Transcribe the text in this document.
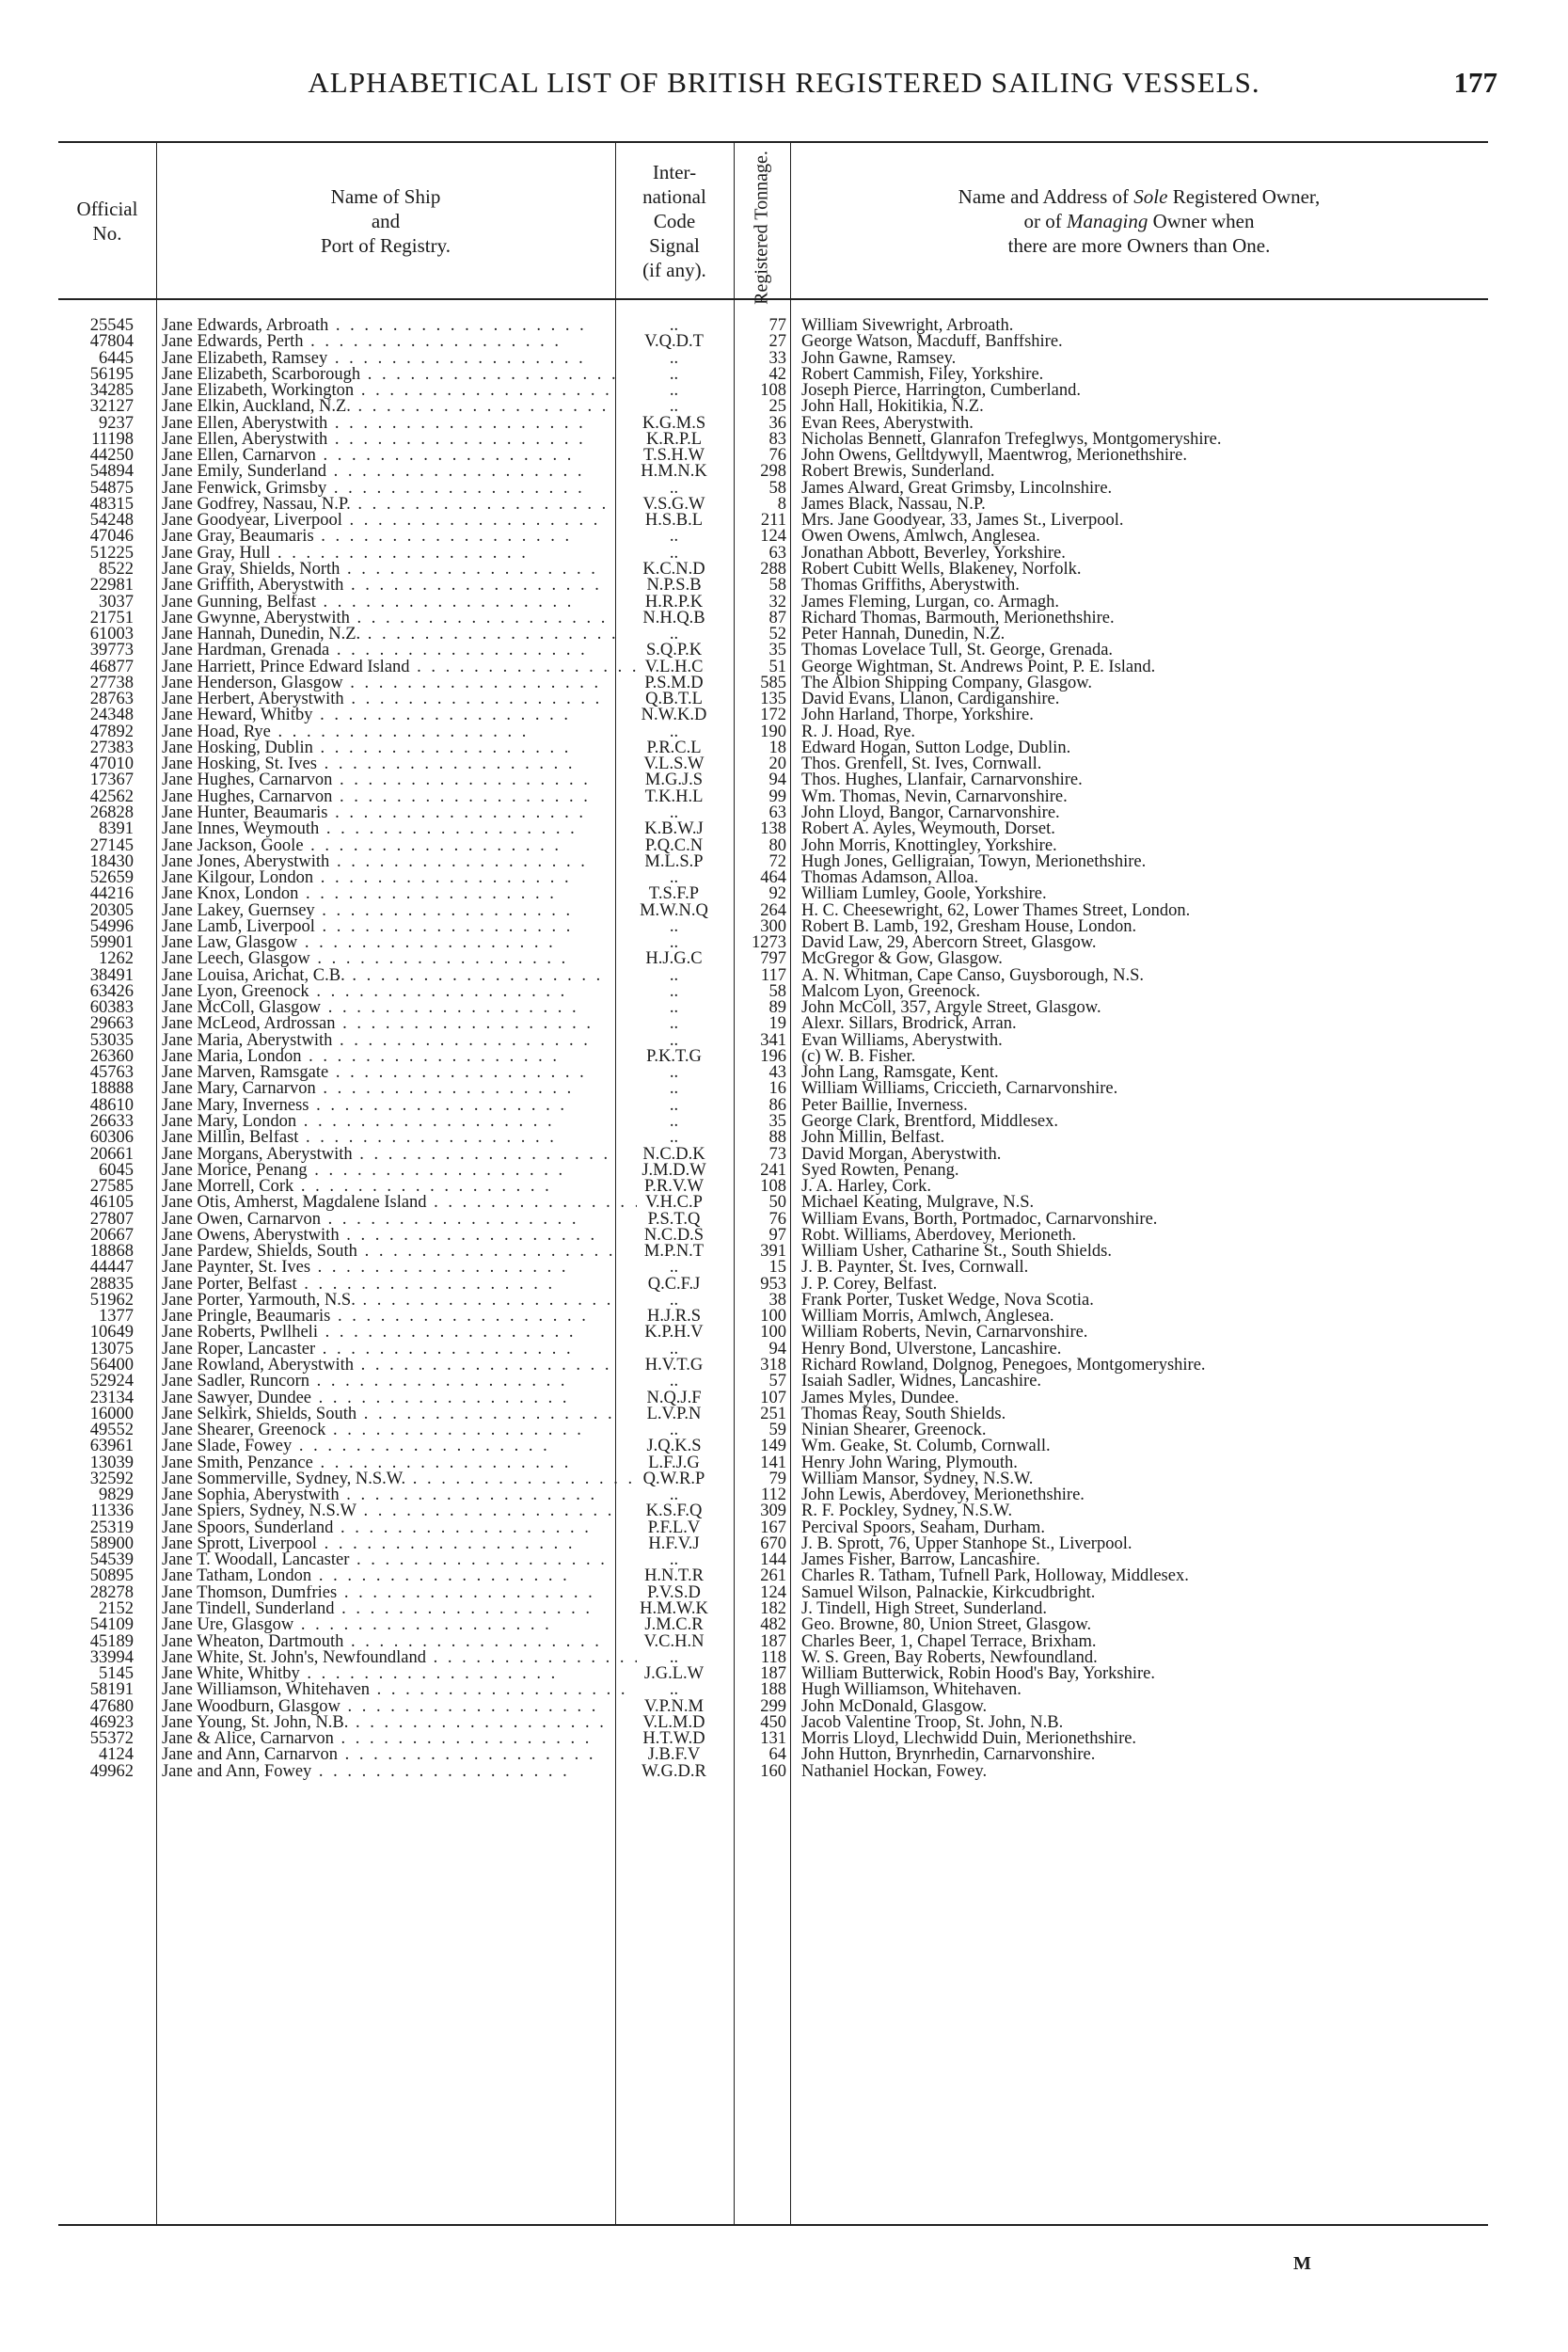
ALPHABETICAL LIST OF BRITISH REGISTERED SAILING VESSELS.	177
Official
No.
Name of Ship
and
Port of Registry.
Inter-
national
Code
Signal
(if any). Registered Tonnage.	Name and Address of Sole Registered Owner,
or of Managing Owner when
there are more Owners than One.
25545 Jane Edwards, Arbroath . .	..	77 William Sivewright, Arbroath.
47804 Jane Edwards, Perth . .	V.Q.D.T	27 George Watson, Macduff, Banffshire.
6445 Jane Elizabeth, Ramsey . .	..	33 John Gawne, Ramsey.
56195 Jane Elizabeth, Scarborough . .	..	42 Robert Cammish, Filey, Yorkshire.
34285 Jane Elizabeth, Workington . .	..	108 Joseph Pierce, Harrington, Cumberland.
32127 Jane Elkin, Auckland, N.Z. . .	..	25 John Hall, Hokitikia, N.Z.
9237 Jane Ellen, Aberystwith . .	K.G.M.S	36 Evan Rees, Aberystwith.
11198 Jane Ellen, Aberystwith . .	K.R.P.L	83 Nicholas Bennett, Glanrafon Trefeglwys, Montgomeryshire.
44250 Jane Ellen, Carnarvon . .	T.S.H.W	76 John Owens, Gelltdywyll, Maentwrog, Merionethshire.
54894 Jane Emily, Sunderland . .	H.M.N.K	298 Robert Brewis, Sunderland.
54875 Jane Fenwick, Grimsby . .	..	58 James Alward, Great Grimsby, Lincolnshire.
48315 Jane Godfrey, Nassau, N.P. . .	V.S.G.W	8 James Black, Nassau, N.P.
54248 Jane Goodyear, Liverpool . .	H.S.B.L	211 Mrs. Jane Goodyear, 33, James St., Liverpool.
47046 Jane Gray, Beaumaris . .	..	124 Owen Owens, Amlwch, Anglesea.
51225 Jane Gray, Hull . .	..	63 Jonathan Abbott, Beverley, Yorkshire.
8522 Jane Gray, Shields, North . .	K.C.N.D	288 Robert Cubitt Wells, Blakeney, Norfolk.
22981 Jane Griffith, Aberystwith . .	N.P.S.B	58 Thomas Griffiths, Aberystwith.
3037 Jane Gunning, Belfast . .	H.R.P.K	32 James Fleming, Lurgan, co. Armagh.
21751 Jane Gwynne, Aberystwith . .	N.H.Q.B	87 Richard Thomas, Barmouth, Merionethshire.
61003 Jane Hannah, Dunedin, N.Z. . .	..	52 Peter Hannah, Dunedin, N.Z.
39773 Jane Hardman, Grenada . .	S.Q.P.K	35 Thomas Lovelace Tull, St. George, Grenada.
46877 Jane Harriett, Prince Edward Island . .	V.L.H.C	51 George Wightman, St. Andrews Point, P. E. Island.
27738 Jane Henderson, Glasgow . .	P.S.M.D	585 The Albion Shipping Company, Glasgow.
28763 Jane Herbert, Aberystwith . .	Q.B.T.L	135 David Evans, Llanon, Cardiganshire.
24348 Jane Heward, Whitby . .	N.W.K.D	172 John Harland, Thorpe, Yorkshire.
47892 Jane Hoad, Rye . .	..	190 R. J. Hoad, Rye.
27383 Jane Hosking, Dublin . .	P.R.C.L	18 Edward Hogan, Sutton Lodge, Dublin.
47010 Jane Hosking, St. Ives . .	V.L.S.W	20 Thos. Grenfell, St. Ives, Cornwall.
17367 Jane Hughes, Carnarvon . .	M.G.J.S	94 Thos. Hughes, Llanfair, Carnarvonshire.
42562 Jane Hughes, Carnarvon . .	T.K.H.L	99 Wm. Thomas, Nevin, Carnarvonshire.
26828 Jane Hunter, Beaumaris . .	..	63 John Lloyd, Bangor, Carnarvonshire.
8391 Jane Innes, Weymouth . .	K.B.W.J	138 Robert A. Ayles, Weymouth, Dorset.
27145 Jane Jackson, Goole . .	P.Q.C.N	80 John Morris, Knottingley, Yorkshire.
18430 Jane Jones, Aberystwith . .	M.L.S.P	72 Hugh Jones, Gelligraian, Towyn, Merionethshire.
52659 Jane Kilgour, London . .	..	464 Thomas Adamson, Alloa.
44216 Jane Knox, London . .	T.S.F.P	92 William Lumley, Goole, Yorkshire.
20305 Jane Lakey, Guernsey . .	M.W.N.Q	264 H. C. Cheesewright, 62, Lower Thames Street, London.
54996 Jane Lamb, Liverpool . .	..	300 Robert B. Lamb, 192, Gresham House, London.
59901 Jane Law, Glasgow . .	..	1273 David Law, 29, Abercorn Street, Glasgow.
1262 Jane Leech, Glasgow . .	H.J.G.C	797 McGregor & Gow, Glasgow.
38491 Jane Louisa, Arichat, C.B. . .	..	117 A. N. Whitman, Cape Canso, Guysborough, N.S.
63426 Jane Lyon, Greenock . .	..	58 Malcom Lyon, Greenock.
60383 Jane McColl, Glasgow . .	..	89 John McColl, 357, Argyle Street, Glasgow.
29663 Jane McLeod, Ardrossan . .	..	19 Alexr. Sillars, Brodrick, Arran.
53035 Jane Maria, Aberystwith . .	..	341 Evan Williams, Aberystwith.
26360 Jane Maria, London . .	P.K.T.G	196 (c) W. B. Fisher.
45763 Jane Marven, Ramsgate . .	..	43 John Lang, Ramsgate, Kent.
18888 Jane Mary, Carnarvon . .	..	16 William Williams, Criccieth, Carnarvonshire.
48610 Jane Mary, Inverness . .	..	86 Peter Baillie, Inverness.
26633 Jane Mary, London . .	..	35 George Clark, Brentford, Middlesex.
60306 Jane Millin, Belfast . .	..	88 John Millin, Belfast.
20661 Jane Morgans, Aberystwith . .	N.C.D.K	73 David Morgan, Aberystwith.
6045 Jane Morice, Penang . .	J.M.D.W	241 Syed Rowten, Penang.
27585 Jane Morrell, Cork . .	P.R.V.W	108 J. A. Harley, Cork.
46105 Jane Otis, Amherst, Magdalene Island . .	V.H.C.P	50 Michael Keating, Mulgrave, N.S.
27807 Jane Owen, Carnarvon . .	P.S.T.Q	76 William Evans, Borth, Portmadoc, Carnarvonshire.
20667 Jane Owens, Aberystwith . .	N.C.D.S	97 Robt. Williams, Aberdovey, Merioneth.
18868 Jane Pardew, Shields, South . .	M.P.N.T	391 William Usher, Catharine St., South Shields.
44447 Jane Paynter, St. Ives . .	..	15 J. B. Paynter, St. Ives, Cornwall.
28835 Jane Porter, Belfast . .	Q.C.F.J	953 J. P. Corey, Belfast.
51962 Jane Porter, Yarmouth, N.S. . .	..	38 Frank Porter, Tusket Wedge, Nova Scotia.
1377 Jane Pringle, Beaumaris . .	H.J.R.S	100 William Morris, Amlwch, Anglesea.
10649 Jane Roberts, Pwllheli . .	K.P.H.V	100 William Roberts, Nevin, Carnarvonshire.
13075 Jane Roper, Lancaster . .	..	94 Henry Bond, Ulverstone, Lancashire.
56400 Jane Rowland, Aberystwith . .	H.V.T.G	318 Richard Rowland, Dolgnog, Penegoes, Montgomeryshire.
52924 Jane Sadler, Runcorn . .	..	57 Isaiah Sadler, Widnes, Lancashire.
23134 Jane Sawyer, Dundee . .	N.Q.J.F	107 James Myles, Dundee.
16000 Jane Selkirk, Shields, South . .	L.V.P.N	251 Thomas Reay, South Shields.
49552 Jane Shearer, Greenock . .	..	59 Ninian Shearer, Greenock.
63961 Jane Slade, Fowey . .	J.Q.K.S	149 Wm. Geake, St. Columb, Cornwall.
13039 Jane Smith, Penzance . .	L.F.J.G	141 Henry John Waring, Plymouth.
32592 Jane Sommerville, Sydney, N.S.W. . .	Q.W.R.P	79 William Mansor, Sydney, N.S.W.
9829 Jane Sophia, Aberystwith . .	..	112 John Lewis, Aberdovey, Merionethshire.
11336 Jane Spiers, Sydney, N.S.W . .	K.S.F.Q	309 R. F. Pockley, Sydney, N.S.W.
25319 Jane Spoors, Sunderland . .	P.F.L.V	167 Percival Spoors, Seaham, Durham.
58900 Jane Sprott, Liverpool . .	H.F.V.J	670 J. B. Sprott, 76, Upper Stanhope St., Liverpool.
54539 Jane T. Woodall, Lancaster . .	..	144 James Fisher, Barrow, Lancashire.
50895 Jane Tatham, London . .	H.N.T.R	261 Charles R. Tatham, Tufnell Park, Holloway, Middlesex.
28278 Jane Thomson, Dumfries . .	P.V.S.D	124 Samuel Wilson, Palnackie, Kirkcudbright.
2152 Jane Tindell, Sunderland . .	H.M.W.K	182 J. Tindell, High Street, Sunderland.
54109 Jane Ure, Glasgow . .	J.M.C.R	482 Geo. Browne, 80, Union Street, Glasgow.
45189 Jane Wheaton, Dartmouth . .	V.C.H.N	187 Charles Beer, 1, Chapel Terrace, Brixham.
33994 Jane White, St. John's, Newfoundland . .	..	118 W. S. Green, Bay Roberts, Newfoundland.
5145 Jane White, Whitby . .	J.G.L.W	187 William Butterwick, Robin Hood's Bay, Yorkshire.
58191 Jane Williamson, Whitehaven . .	..	188 Hugh Williamson, Whitehaven.
47680 Jane Woodburn, Glasgow . .	V.P.N.M	299 John McDonald, Glasgow.
46923 Jane Young, St. John, N.B. . .	V.L.M.D	450 Jacob Valentine Troop, St. John, N.B.
55372 Jane & Alice, Carnarvon . .	H.T.W.D	131 Morris Lloyd, Llechwidd Duin, Merionethshire.
4124 Jane and Ann, Carnarvon . .	J.B.F.V	64 John Hutton, Brynrhedin, Carnarvonshire.
49962 Jane and Ann, Fowey . .	W.G.D.R	160 Nathaniel Hockan, Fowey.
M
